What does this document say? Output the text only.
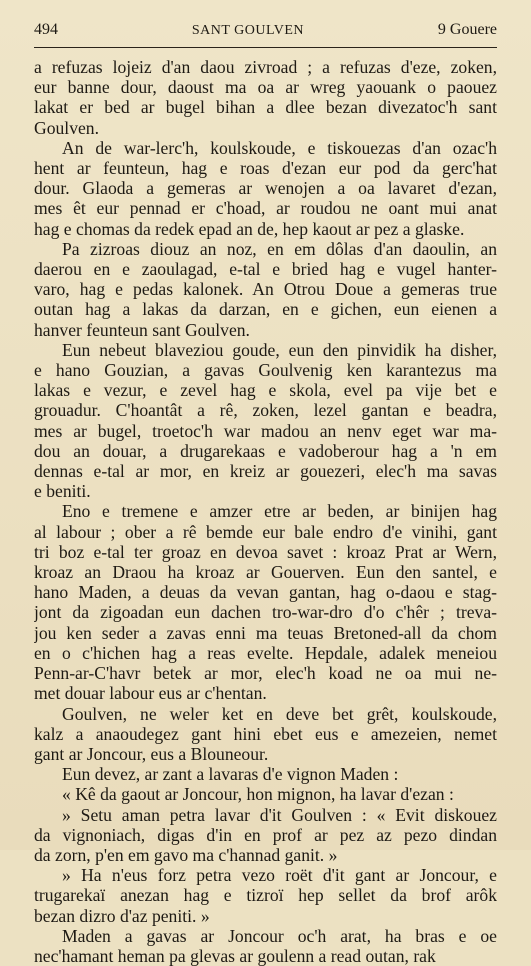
494	SANT GOULVEN	9 Gouere

a refuzas lojeiz d'an daou zivroad ; a refuzas d'eze, zoken,
eur banne dour, daoust ma oa ar wreg yaouank o paouez
lakat er bed ar bugel bihan a dlee bezan divezatoc'h sant
Goulven.

An de war-lerc'h, koulskoude, e tiskouezas d'an ozac'h
hent ar feunteun, hag e roas d'ezan eur pod da gerc'hat
dour. Glaoda a gemeras ar wenojen a oa lavaret d'ezan,
mes êt eur pennad er c'hoad, ar roudou ne oant mui anat
hag e chomas da redek epad an de, hep kaout ar pez a glaske.

Pa zizroas diouz an noz, en em dôlas d'an daoulin, an
daerou en e zaoulagad, e-tal e bried hag e vugel hanter-
varo, hag e pedas kalonek. An Otrou Doue a gemeras true
outan hag a lakas da darzan, en e gichen, eun eienen a
hanver feunteun sant Goulven.

Eun nebeut blaveziou goude, eun den pinvidik ha disher,
e hano Gouzian, a gavas Goulvenig ken karantezus ma
lakas e vezur, e zevel hag e skola, evel pa vije bet e
grouadur. C'hoantât a rê, zoken, lezel gantan e beadra,
mes ar bugel, troetoc'h war madou an nenv eget war ma-
dou an douar, a drugarekaas e vadoberour hag a 'n em
dennas e-tal ar mor, en kreiz ar gouezeri, elec'h ma savas
e beniti.

Eno e tremene e amzer etre ar beden, ar binijen hag
al labour ; ober a rê bemde eur bale endro d'e vinihi, gant
tri boz e-tal ter groaz en devoa savet : kroaz Prat ar Wern,
kroaz an Draou ha kroaz ar Gouerven. Eun den santel, e
hano Maden, a deuas da vevan gantan, hag o-daou e stag-
jont da zigoadan eun dachen tro-war-dro d'o c'hêr ; treva-
jou ken seder a zavas enni ma teuas Bretoned-all da chom
en o c'hichen hag a reas evelte. Hepdale, adalek meneiou
Penn-ar-C'havr betek ar mor, elec'h koad ne oa mui ne-
met douar labour eus ar c'hentan.

Goulven, ne weler ket en deve bet grêt, koulskoude,
kalz a anaoudegez gant hini ebet eus e amezeien, nemet
gant ar Joncour, eus a Blouneour.

Eun devez, ar zant a lavaras d'e vignon Maden :

« Kê da gaout ar Joncour, hon mignon, ha lavar d'ezan :

» Setu aman petra lavar d'it Goulven : « Evit diskouez
da vignoniach, digas d'in en prof ar pez az pezo dindan
da zorn, p'en em gavo ma c'hannad ganit. »

» Ha n'eus forz petra vezo roët d'it gant ar Joncour, e
trugarekaï anezan hag e tizroï hep sellet da brof arôk
bezan dizro d'az peniti. »

Maden a gavas ar Joncour oc'h arat, ha bras e oe
nec'hamant heman pa glevas ar goulenn a read outan, rak
